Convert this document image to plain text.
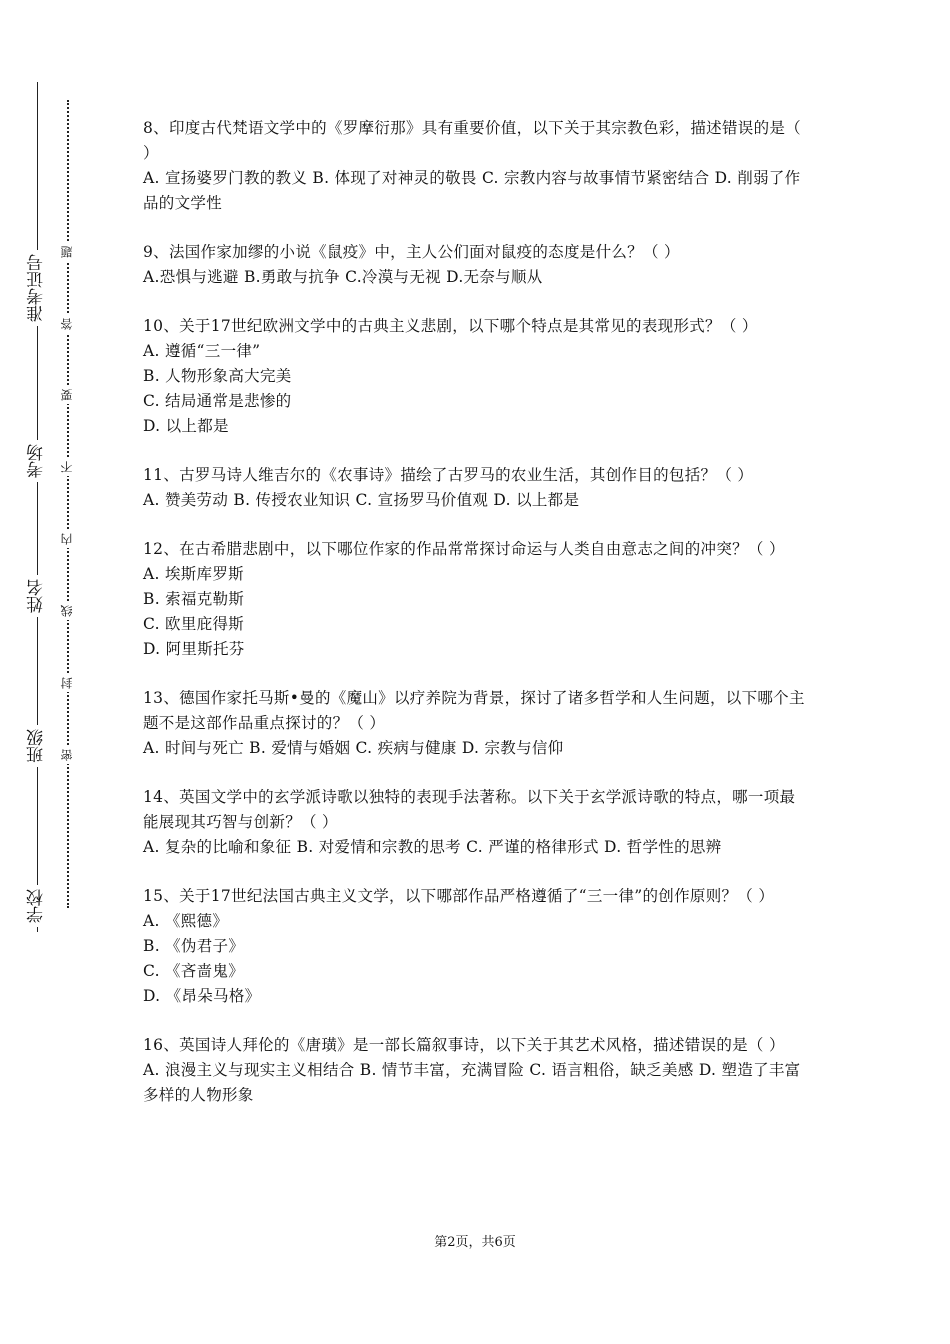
准考证号
考场
姓名
班级
学校
题
答
要
不
内
线
封
密

8、印度古代梵语文学中的《罗摩衍那》具有重要价值，以下关于其宗教色彩，描述错误的是（ ）

A. 宣扬婆罗门教的教义 B. 体现了对神灵的敬畏 C. 宗教内容与故事情节紧密结合 D. 削弱了作品的文学性

9、法国作家加缪的小说《鼠疫》中，主人公们面对鼠疫的态度是什么？（ ）

A.恐惧与逃避 B.勇敢与抗争 C.冷漠与无视 D.无奈与顺从

10、关于17世纪欧洲文学中的古典主义悲剧，以下哪个特点是其常见的表现形式？（ ）

A. 遵循“三一律”
B. 人物形象高大完美
C. 结局通常是悲惨的
D. 以上都是

11、古罗马诗人维吉尔的《农事诗》描绘了古罗马的农业生活，其创作目的包括？（ ）

A. 赞美劳动 B. 传授农业知识 C. 宣扬罗马价值观 D. 以上都是

12、在古希腊悲剧中，以下哪位作家的作品常常探讨命运与人类自由意志之间的冲突？（ ）

A. 埃斯库罗斯
B. 索福克勒斯
C. 欧里庇得斯
D. 阿里斯托芬

13、德国作家托马斯•曼的《魔山》以疗养院为背景，探讨了诸多哲学和人生问题，以下哪个主题不是这部作品重点探讨的？（ ）

A. 时间与死亡 B. 爱情与婚姻 C. 疾病与健康 D. 宗教与信仰

14、英国文学中的玄学派诗歌以独特的表现手法著称。以下关于玄学派诗歌的特点，哪一项最能展现其巧智与创新？（ ）

A. 复杂的比喻和象征 B. 对爱情和宗教的思考 C. 严谨的格律形式 D. 哲学性的思辨

15、关于17世纪法国古典主义文学，以下哪部作品严格遵循了“三一律”的创作原则？（ ）

A. 《熙德》
B. 《伪君子》
C. 《吝啬鬼》
D. 《昂朵马格》

16、英国诗人拜伦的《唐璜》是一部长篇叙事诗，以下关于其艺术风格，描述错误的是（ ）

A. 浪漫主义与现实主义相结合 B. 情节丰富，充满冒险 C. 语言粗俗，缺乏美感 D. 塑造了丰富多样的人物形象

第2页，共6页
